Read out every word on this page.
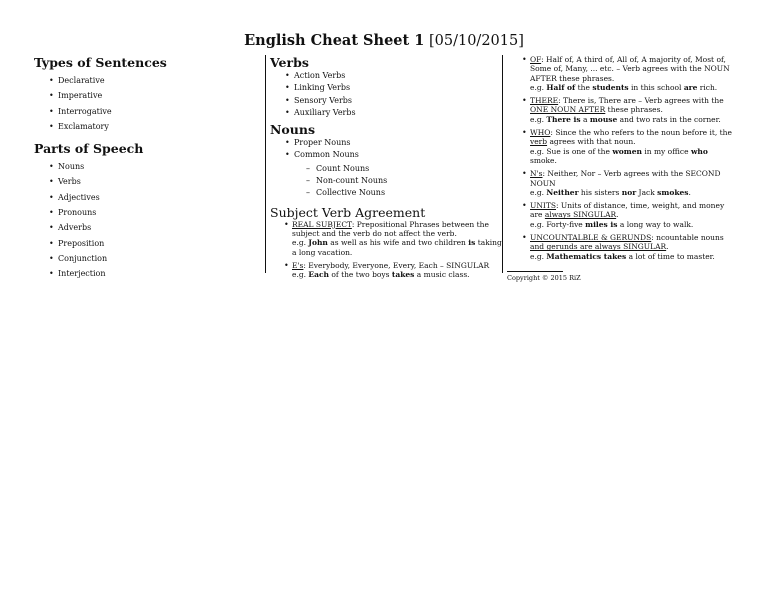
English Cheat Sheet 1 [05/10/2015]
Types of Sentences
• Declarative
• Imperative
• Interrogative
• Exclamatory
Parts of Speech
• Nouns
• Verbs
• Adjectives
• Pronouns
• Adverbs
• Preposition
• Conjunction
• Interjection
Verbs
• Action Verbs
• Linking Verbs
• Sensory Verbs
• Auxiliary Verbs
Nouns
• Proper Nouns
• Common Nouns
– Count Nouns
– Non-count Nouns
– Collective Nouns
Subject Verb Agreement
• REAL SUBJECT: Prepositional Phrases between the subject and the verb do not affect the verb.
e.g. John as well as his wife and two children is taking a long vacation.
• E's: Everybody, Everyone, Every, Each – SINGULAR
e.g. Each of the two boys takes a music class.
• OF: Half of, A third of, All of, A majority of, Most of, Some of, Many, ... etc. – Verb agrees with the NOUN AFTER these phrases.
e.g. Half of the students in this school are rich.
• THERE: There is, There are – Verb agrees with the ONE NOUN AFTER these phrases.
e.g. There is a mouse and two rats in the corner.
• WHO: Since the who refers to the noun before it, the verb agrees with that noun.
e.g. Sue is one of the women in my office who smoke.
• N's: Neither, Nor – Verb agrees with the SECOND NOUN
e.g. Neither his sisters nor Jack smokes.
• UNITS: Units of distance, time, weight, and money are always SINGULAR.
e.g. Forty-five miles is a long way to walk.
• UNCOUNTALBLE & GERUNDS: ncountable nouns and gerunds are always SINGULAR.
e.g. Mathematics takes a lot of time to master.
Copyright © 2015 RiZ
